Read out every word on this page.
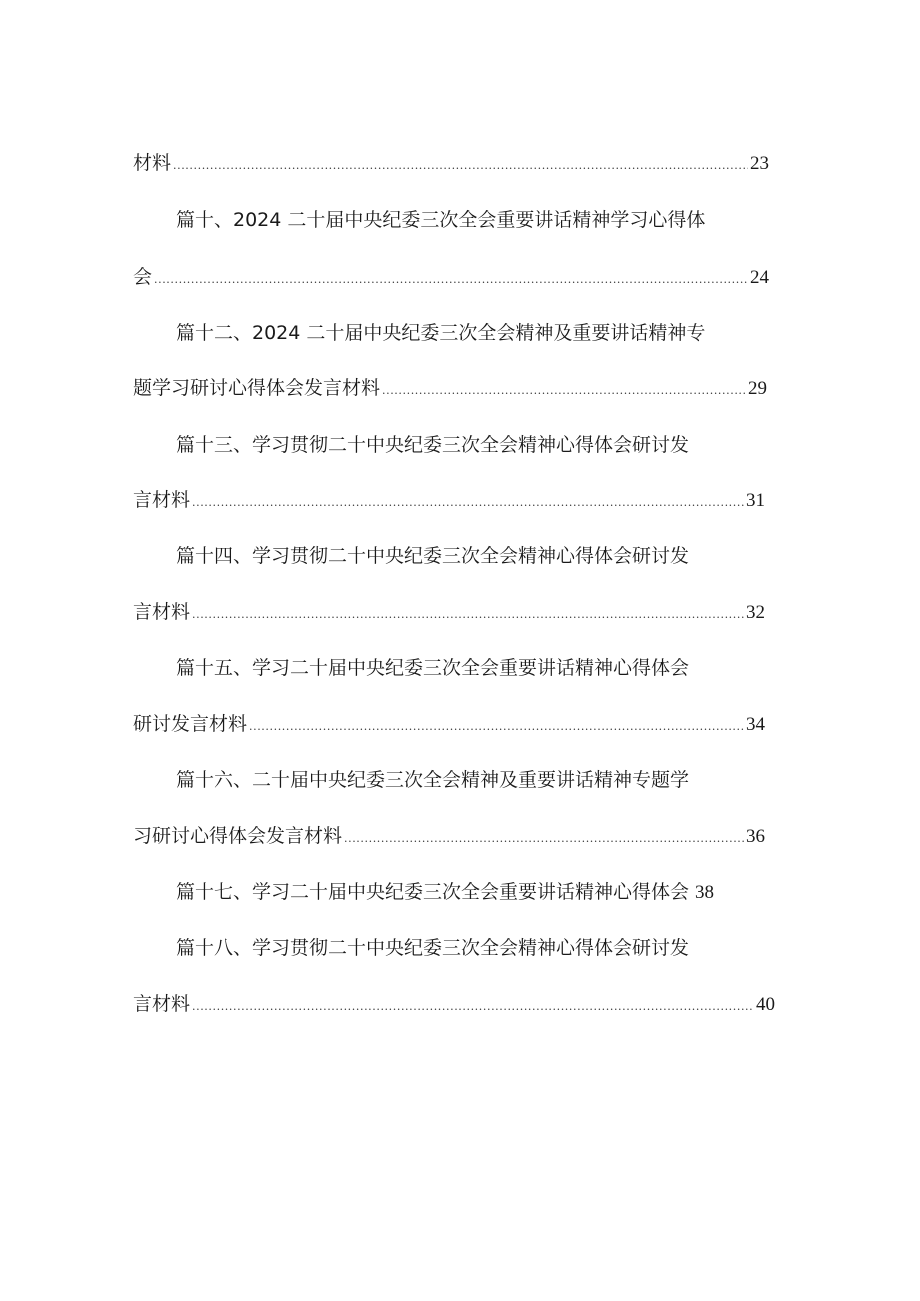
材料 .....	23
篇十、2024 二十届中央纪委三次全会重要讲话精神学习心得体
会 .....	24
篇十二、2024 二十届中央纪委三次全会精神及重要讲话精神专
题学习研讨心得体会发言材料 .....	29
篇十三、学习贯彻二十中央纪委三次全会精神心得体会研讨发
言材料 .....	31
篇十四、学习贯彻二十中央纪委三次全会精神心得体会研讨发
言材料 .....	32
篇十五、学习二十届中央纪委三次全会重要讲话精神心得体会
研讨发言材料 .....	34
篇十六、二十届中央纪委三次全会精神及重要讲话精神专题学
习研讨心得体会发言材料 .....	36
篇十七、学习二十届中央纪委三次全会重要讲话精神心得体会 38
篇十八、学习贯彻二十中央纪委三次全会精神心得体会研讨发
言材料 .....	40
